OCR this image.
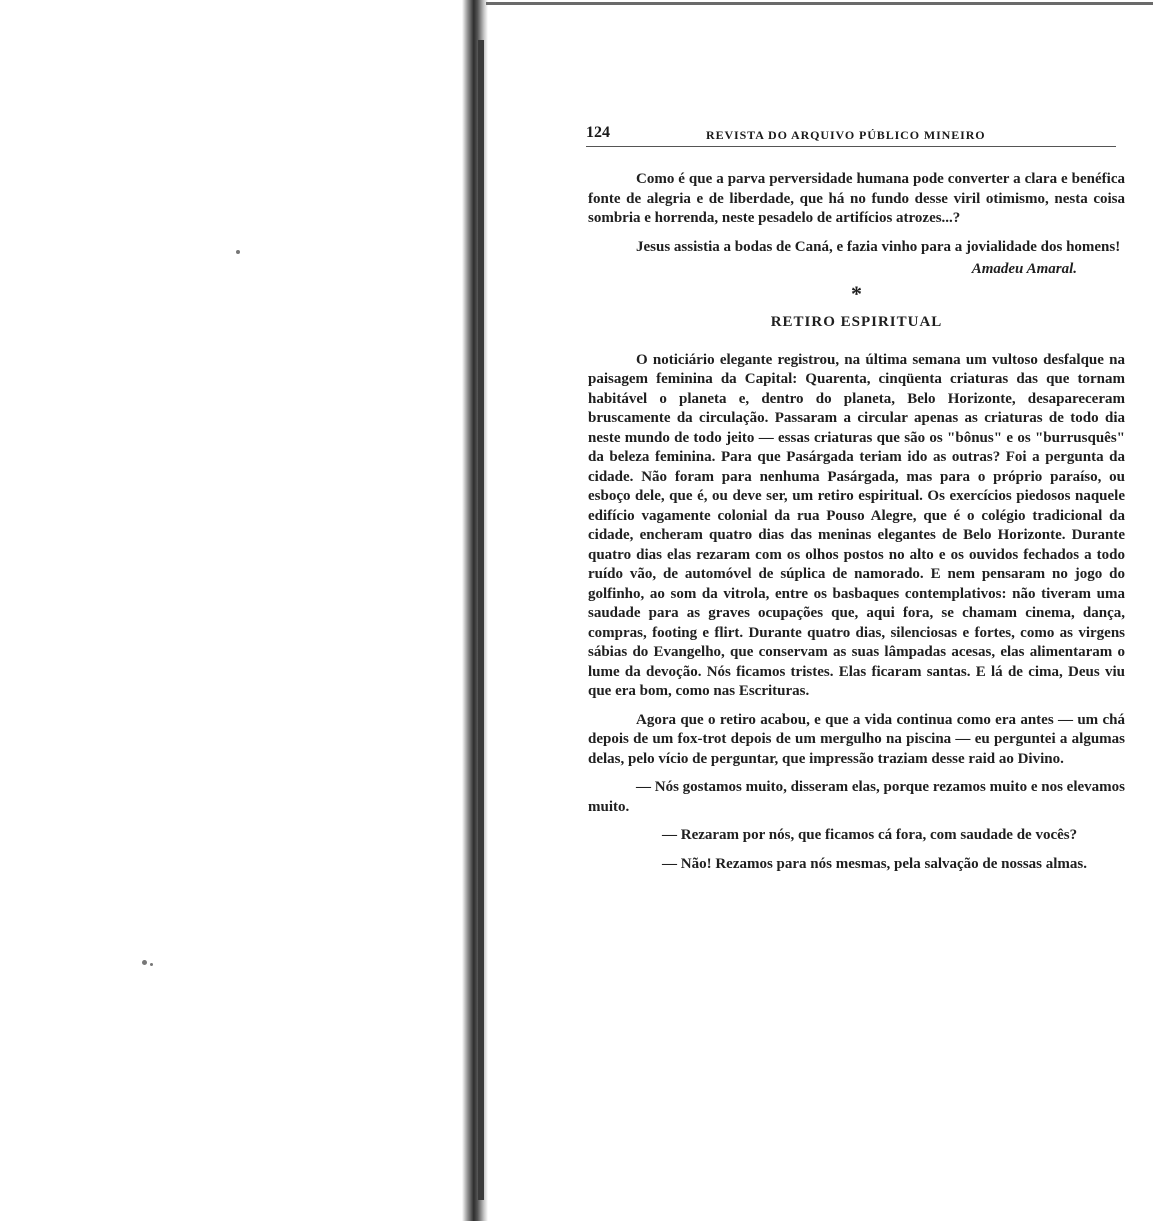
124	REVISTA DO ARQUIVO PÚBLICO MINEIRO

Como é que a parva perversidade humana pode converter a clara e benéfica fonte de alegria e de liberdade, que há no fundo desse viril otimismo, nesta coisa sombria e horrenda, neste pesadelo de artifícios atrozes...?

Jesus assistia a bodas de Caná, e fazia vinho para a jovialidade dos homens!

Amadeu Amaral.

*
RETIRO ESPIRITUAL

O noticiário elegante registrou, na última semana um vultoso desfalque na paisagem feminina da Capital: Quarenta, cinqüenta criaturas das que tornam habitável o planeta e, dentro do planeta, Belo Horizonte, desapareceram bruscamente da circulação. Passaram a circular apenas as criaturas de todo dia neste mundo de todo jeito — essas criaturas que são os "bônus" e os "burrusquês" da beleza feminina. Para que Pasárgada teriam ido as outras? Foi a pergunta da cidade. Não foram para nenhuma Pasárgada, mas para o próprio paraíso, ou esboço dele, que é, ou deve ser, um retiro espiritual. Os exercícios piedosos naquele edifício vagamente colonial da rua Pouso Alegre, que é o colégio tradicional da cidade, encheram quatro dias das meninas elegantes de Belo Horizonte. Durante quatro dias elas rezaram com os olhos postos no alto e os ouvidos fechados a todo ruído vão, de automóvel de súplica de namorado. E nem pensaram no jogo do golfinho, ao som da vitrola, entre os basbaques contemplativos: não tiveram uma saudade para as graves ocupações que, aqui fora, se chamam cinema, dança, compras, footing e flirt. Durante quatro dias, silenciosas e fortes, como as virgens sábias do Evangelho, que conservam as suas lâmpadas acesas, elas alimentaram o lume da devoção. Nós ficamos tristes. Elas ficaram santas. E lá de cima, Deus viu que era bom, como nas Escrituras.

Agora que o retiro acabou, e que a vida continua como era antes — um chá depois de um fox-trot depois de um mergulho na piscina — eu perguntei a algumas delas, pelo vício de perguntar, que impressão traziam desse raid ao Divino.

— Nós gostamos muito, disseram elas, porque rezamos muito e nos elevamos muito.

— Rezaram por nós, que ficamos cá fora, com saudade de vocês?

— Não! Rezamos para nós mesmas, pela salvação de nossas almas.
